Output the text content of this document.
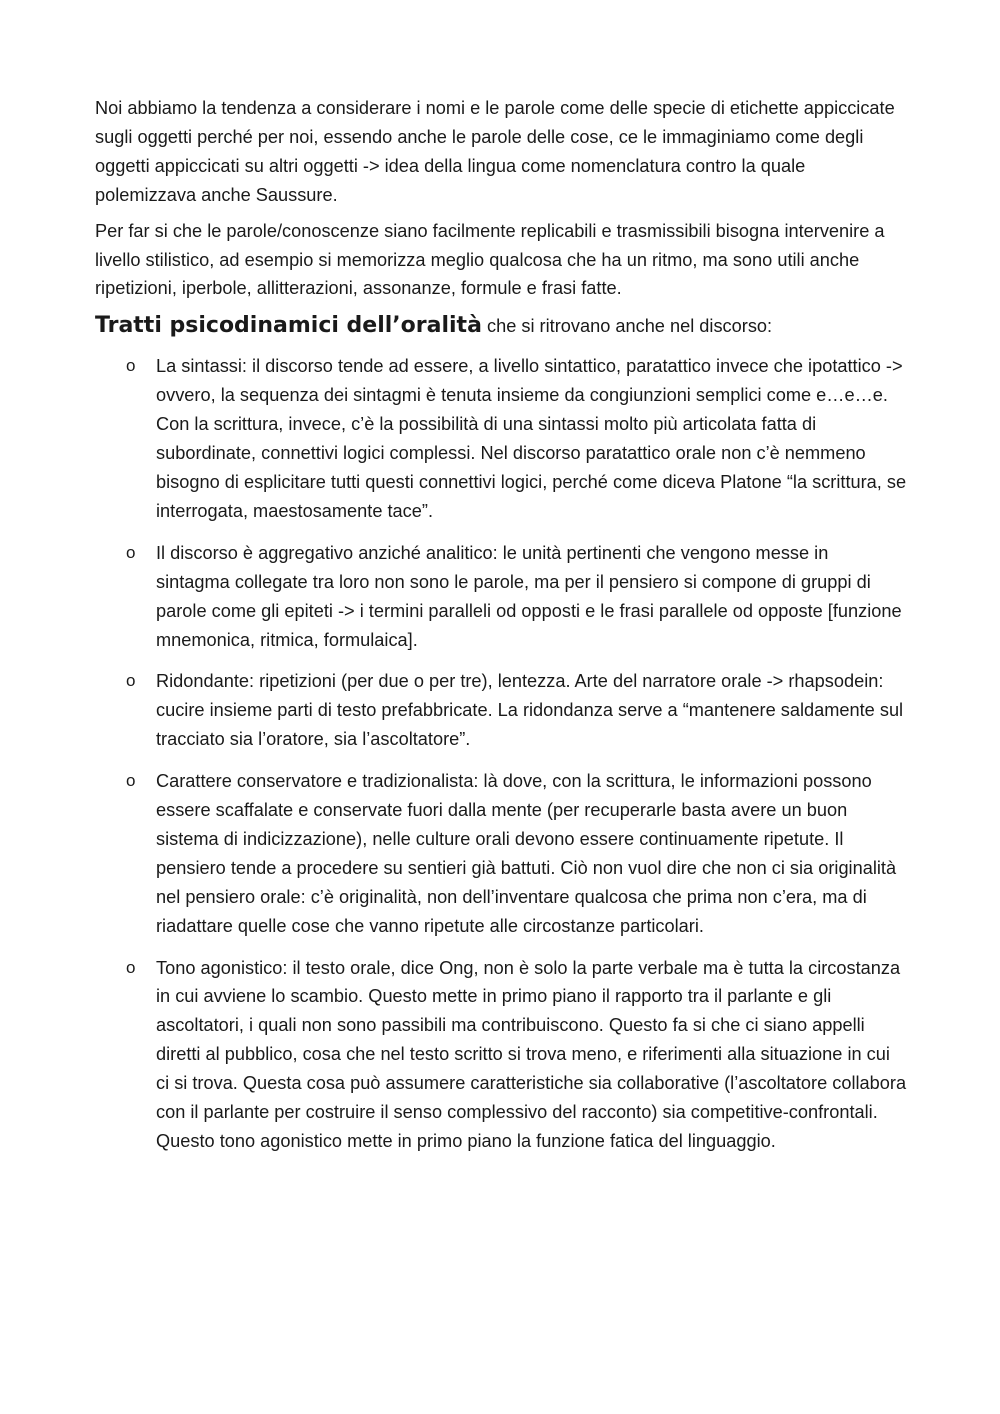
Noi abbiamo la tendenza a considerare i nomi e le parole come delle specie di etichette appiccicate sugli oggetti perché per noi, essendo anche le parole delle cose, ce le immaginiamo come degli oggetti appiccicati su altri oggetti -> idea della lingua come nomenclatura contro la quale polemizzava anche Saussure.

Per far si che le parole/conoscenze siano facilmente replicabili e trasmissibili bisogna intervenire a livello stilistico, ad esempio si memorizza meglio qualcosa che ha un ritmo, ma sono utili anche ripetizioni, iperbole, allitterazioni, assonanze, formule e frasi fatte.

Tratti psicodinamici dell’oralità che si ritrovano anche nel discorso:
o La sintassi: il discorso tende ad essere, a livello sintattico, paratattico invece che ipotattico -> ovvero, la sequenza dei sintagmi è tenuta insieme da congiunzioni semplici come e…e…e. Con la scrittura, invece, c’è la possibilità di una sintassi molto più articolata fatta di subordinate, connettivi logici complessi. Nel discorso paratattico orale non c’è nemmeno bisogno di esplicitare tutti questi connettivi logici, perché come diceva Platone “la scrittura, se interrogata, maestosamente tace”.
o Il discorso è aggregativo anziché analitico: le unità pertinenti che vengono messe in sintagma collegate tra loro non sono le parole, ma per il pensiero si compone di gruppi di parole come gli epiteti -> i termini paralleli od opposti e le frasi parallele od opposte [funzione mnemonica, ritmica, formulaica].
o Ridondante: ripetizioni (per due o per tre), lentezza. Arte del narratore orale -> rhapsodein: cucire insieme parti di testo prefabbricate. La ridondanza serve a “mantenere saldamente sul tracciato sia l’oratore, sia l’ascoltatore”.
o Carattere conservatore e tradizionalista: là dove, con la scrittura, le informazioni possono essere scaffalate e conservate fuori dalla mente (per recuperarle basta avere un buon sistema di indicizzazione), nelle culture orali devono essere continuamente ripetute. Il pensiero tende a procedere su sentieri già battuti. Ciò non vuol dire che non ci sia originalità nel pensiero orale: c’è originalità, non dell’inventare qualcosa che prima non c’era, ma di riadattare quelle cose che vanno ripetute alle circostanze particolari.
o Tono agonistico: il testo orale, dice Ong, non è solo la parte verbale ma è tutta la circostanza in cui avviene lo scambio. Questo mette in primo piano il rapporto tra il parlante e gli ascoltatori, i quali non sono passibili ma contribuiscono. Questo fa si che ci siano appelli diretti al pubblico, cosa che nel testo scritto si trova meno, e riferimenti alla situazione in cui ci si trova. Questa cosa può assumere caratteristiche sia collaborative (l’ascoltatore collabora con il parlante per costruire il senso complessivo del racconto) sia competitive-confrontali. Questo tono agonistico mette in primo piano la funzione fatica del linguaggio.
